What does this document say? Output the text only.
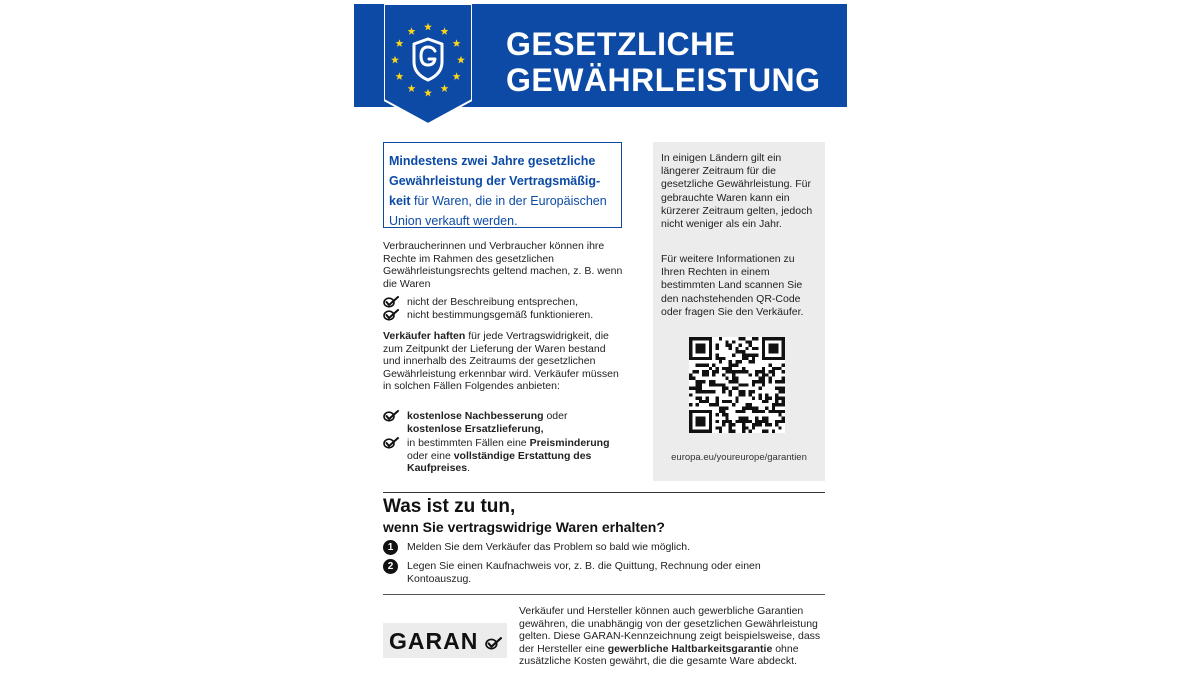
GESETZLICHE
GEWÄHRLEISTUNG
Mindestens zwei Jahre gesetzliche Gewährleistung der Vertragsmäßigkeit für Waren, die in der Europäischen Union verkauft werden.

Verbraucherinnen und Verbraucher können ihre Rechte im Rahmen des gesetzlichen Gewährleistungsrechts geltend machen, z. B. wenn die Waren

nicht der Beschreibung entsprechen,
nicht bestimmungsgemäß funktionieren.

Verkäufer haften für jede Vertragswidrigkeit, die zum Zeitpunkt der Lieferung der Waren bestand und innerhalb des Zeitraums der gesetzlichen Gewährleistung erkennbar wird. Verkäufer müssen in solchen Fällen Folgendes anbieten:

kostenlose Nachbesserung oder kostenlose Ersatzlieferung,
in bestimmten Fällen eine Preisminderung oder eine vollständige Erstattung des Kaufpreises.

In einigen Ländern gilt ein längerer Zeitraum für die gesetzliche Gewährleistung. Für gebrauchte Waren kann ein kürzerer Zeitraum gelten, jedoch nicht weniger als ein Jahr.

Für weitere Informationen zu Ihren Rechten in einem bestimmten Land scannen Sie den nachstehenden QR-Code oder fragen Sie den Verkäufer.

europa.eu/youreurope/garantien

Was ist zu tun,
wenn Sie vertragswidrige Waren erhalten?
1	Melden Sie dem Verkäufer das Problem so bald wie möglich.
2	Legen Sie einen Kaufnachweis vor, z. B. die Quittung, Rechnung oder einen Kontoauszug.
GARAN

Verkäufer und Hersteller können auch gewerbliche Garantien gewähren, die unabhängig von der gesetzlichen Gewährleistung gelten. Diese GARAN-Kennzeichnung zeigt beispielsweise, dass der Hersteller eine gewerbliche Haltbarkeitsgarantie ohne zusätzliche Kosten gewährt, die die gesamte Ware abdeckt.
